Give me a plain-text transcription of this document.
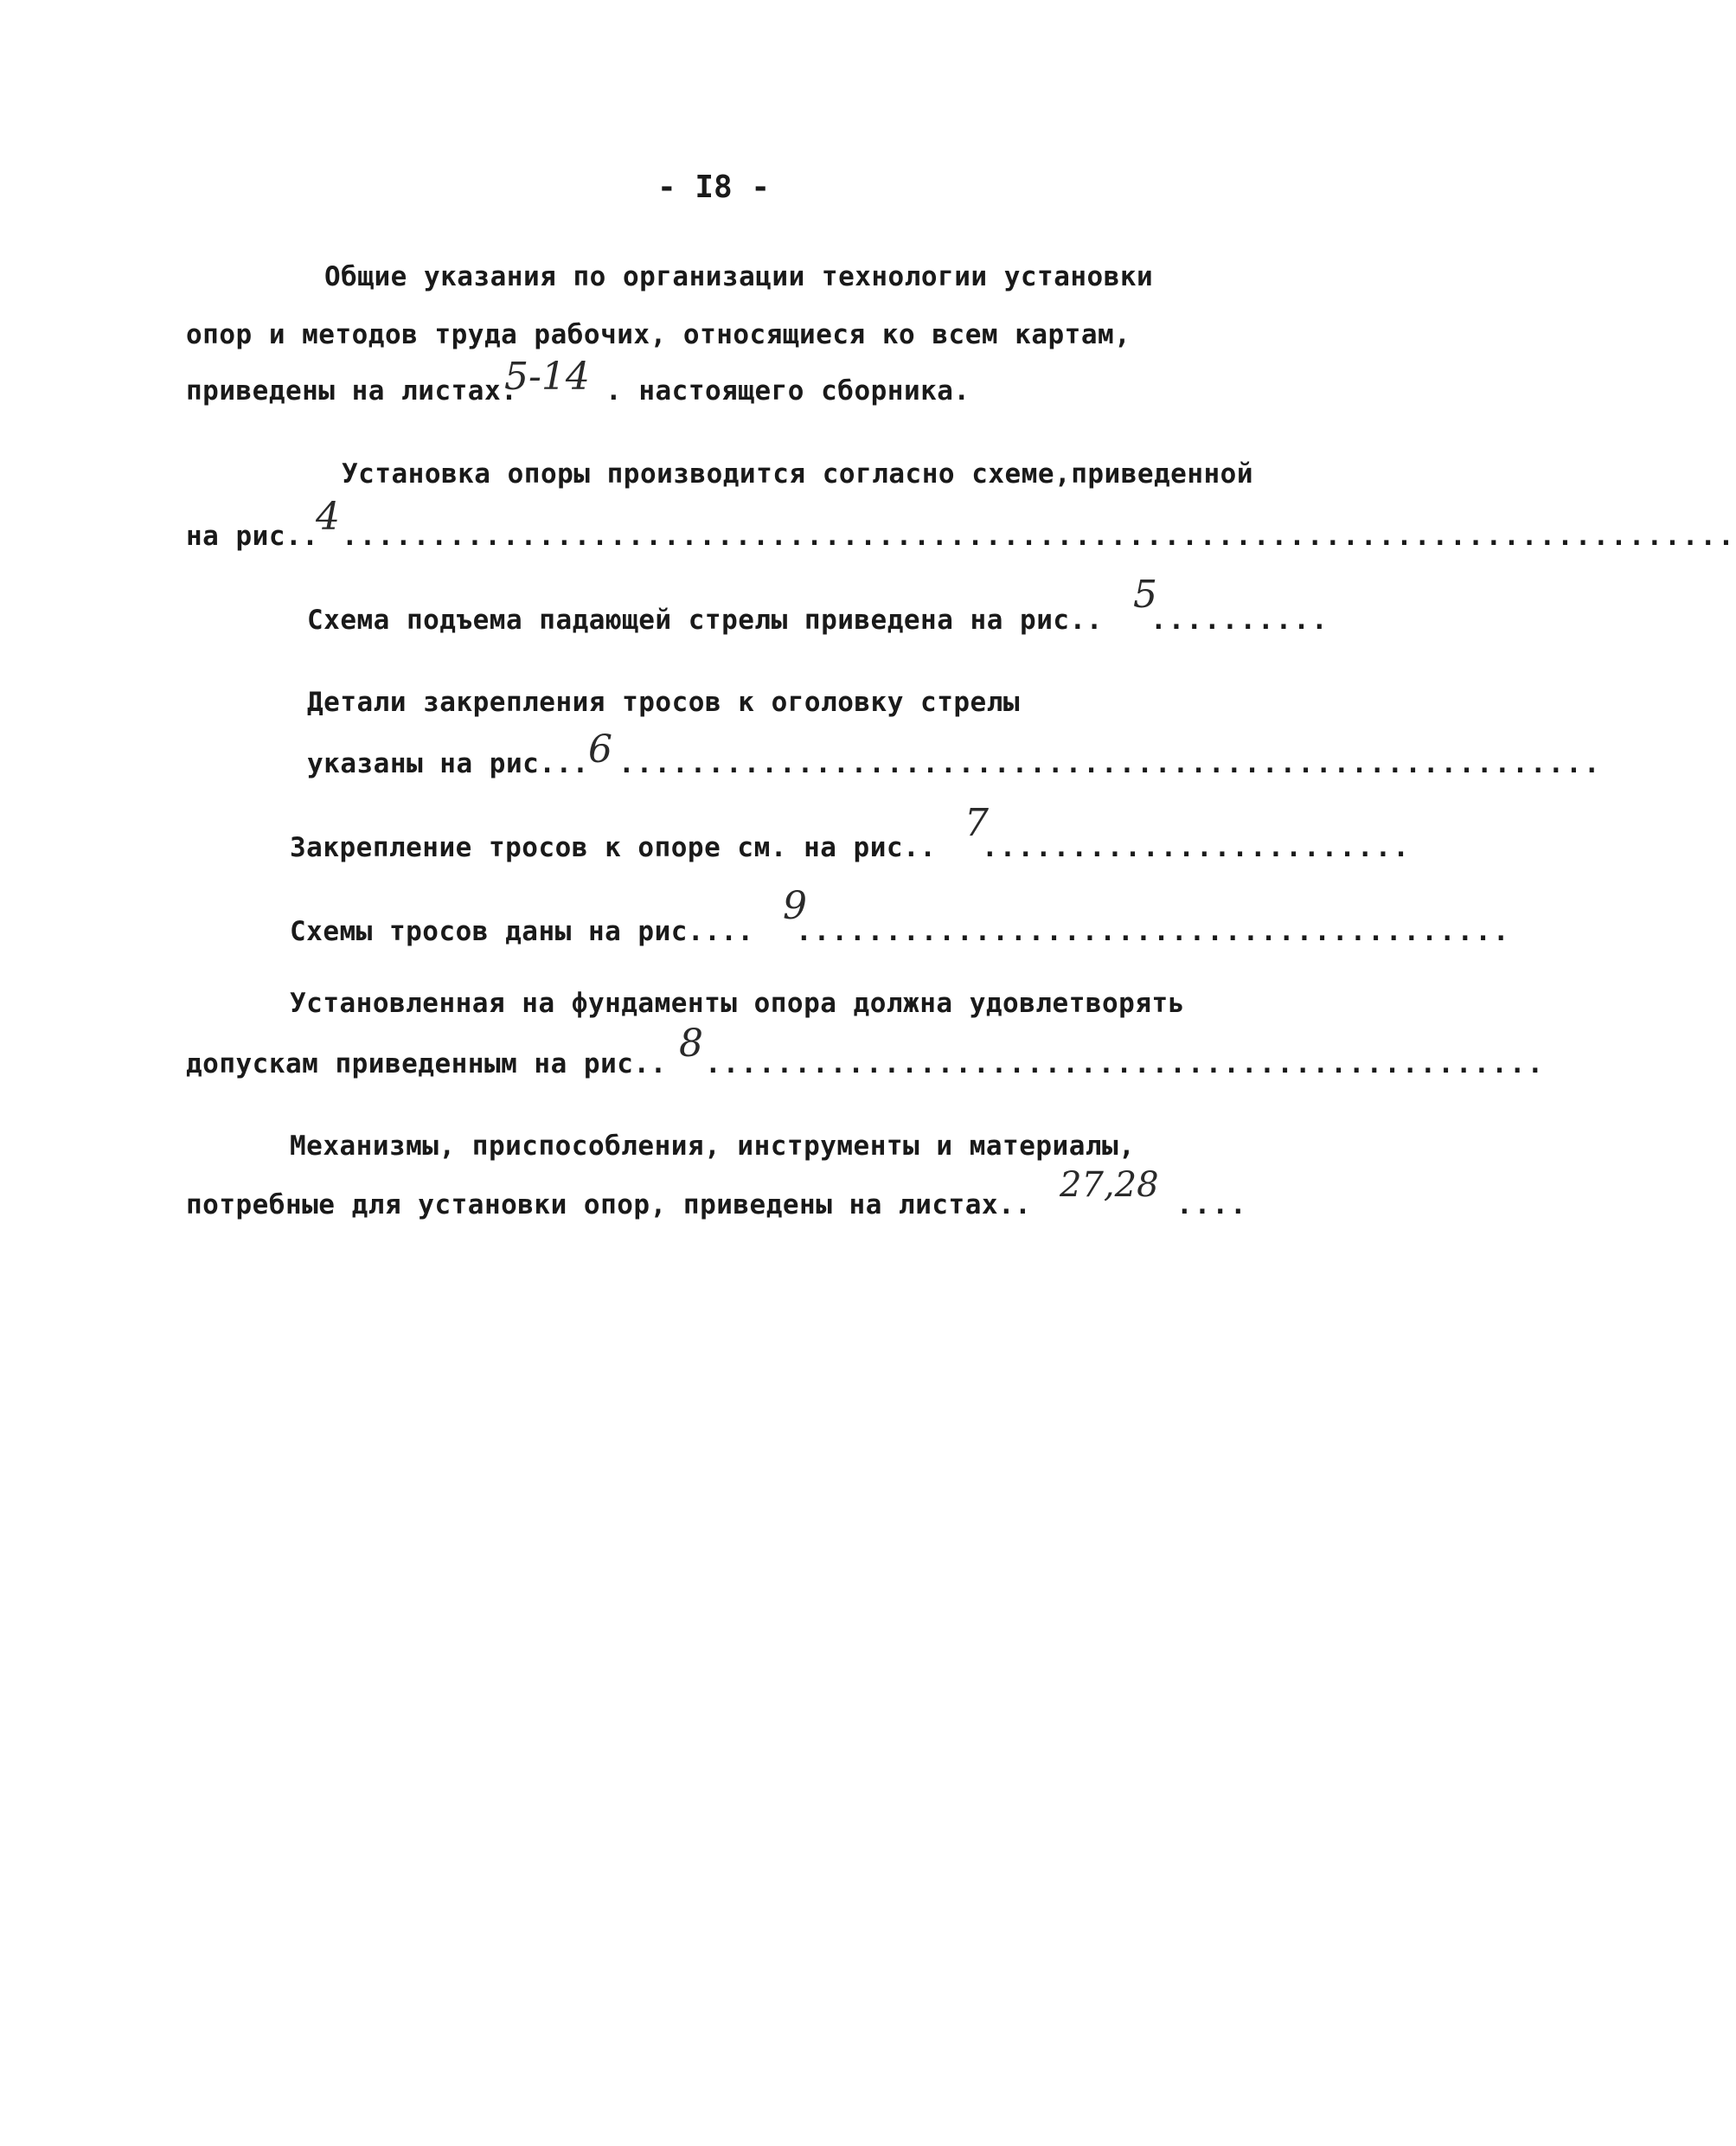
- I8 -
Общие указания по организации технологии установки
опор и методов труда рабочих, относящиеся ко всем картам,
приведены на листах.
5-14 . настоящего сборника.
Установка опоры производится согласно схеме,приведенной
на рис..
4 ..............................................................................
Схема подъема падающей стрелы приведена на рис..
5
..........
Детали закрепления тросов к оголовку стрелы
указаны на рис... 6 .......................................................
Закрепление тросов к опоре см. на рис..
7
........................
Схемы тросов даны на рис....
9
........................................
Установленная на фундаменты опора должна удовлетворять
допускам приведенным на рис.. 8 ...............................................
Механизмы, приспособления, инструменты и материалы,
потребные для установки опор, приведены на листах.. 27,28 ....
